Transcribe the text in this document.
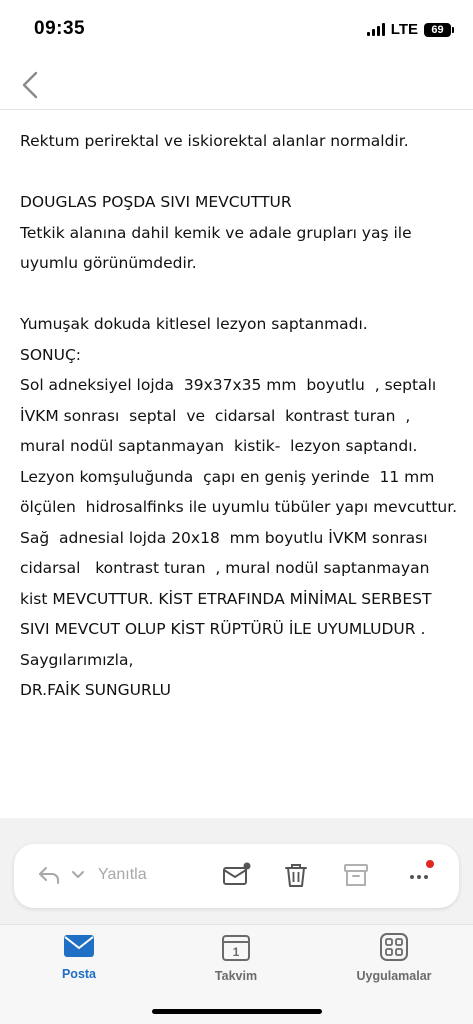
09:35	LTE	69

Rektum perirektal ve iskiorektal alanlar normaldir.

DOUGLAS POŞDA SIVI MEVCUTTUR

Tetkik alanına dahil kemik ve adale grupları yaş ile uyumlu görünümdedir.

Yumuşak dokuda kitlesel lezyon saptanmadı.

SONUÇ:

Sol adneksiyel lojda  39x37x35 mm  boyutlu  , septalı  İVKM sonrası  septal  ve  cidarsal  kontrast turan  , mural nodül saptanmayan  kistik-  lezyon saptandı. Lezyon komşuluğunda  çapı en geniş yerinde  11 mm  ölçülen  hidrosalfinks ile uyumlu tübüler yapı mevcuttur.

Sağ  adnesial lojda 20x18  mm boyutlu İVKM sonrası    cidarsal   kontrast turan  , mural nodül saptanmayan   kist MEVCUTTUR. KİST ETRAFINDA MİNİMAL SERBEST SIVI MEVCUT OLUP KİST RÜPTÜRÜ İLE UYUMLUDUR .

Saygılarımızla,

DR.FAİK SUNGURLU

Yanıtla
Posta
1
Takvim	Uygulamalar
